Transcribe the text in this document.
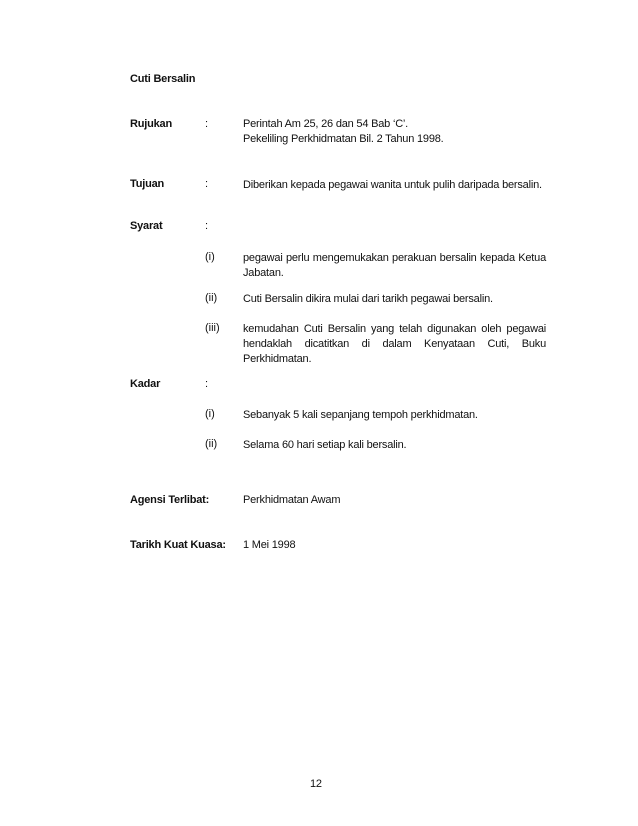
Cuti Bersalin
Rujukan	:	Perintah Am 25, 26 dan 54 Bab ‘C’.
Pekeliling Perkhidmatan Bil. 2 Tahun 1998.
Tujuan	:	Diberikan kepada pegawai wanita untuk pulih daripada bersalin.
Syarat	:
(i)	pegawai perlu mengemukakan perakuan bersalin kepada Ketua Jabatan.
(ii) Cuti Bersalin dikira mulai dari tarikh pegawai bersalin.
(iii) kemudahan Cuti Bersalin yang telah digunakan oleh pegawai hendaklah dicatitkan di dalam Kenyataan Cuti, Buku Perkhidmatan.
Kadar	:
(i)	Sebanyak 5 kali sepanjang tempoh perkhidmatan.
(ii) Selama 60 hari setiap kali bersalin.
Agensi Terlibat:	Perkhidmatan Awam
Tarikh Kuat Kuasa: 1 Mei 1998
12
